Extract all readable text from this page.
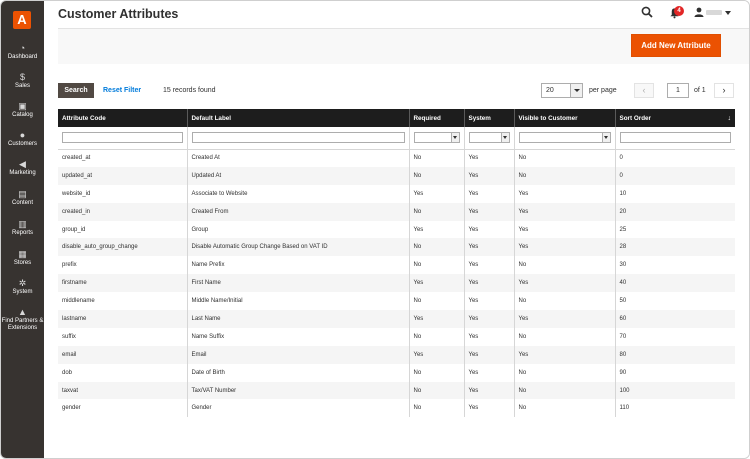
A
◔
Dashboard
$
Sales
▣
Catalog
●
Customers
◀
Marketing
▤
Content
▥
Reports
▦
Stores
✲
System
▲
Find Partners & Extensions
Customer Attributes	4
Add New Attribute
Search	Reset Filter	15 records found	20	per page	‹	1	of 1	›
Attribute Code	Default Label	Required	System	Visible to Customer	Sort Order ↓

created_at	Created At	No	Yes	No	0
updated_at	Updated At	No	Yes	No	0
website_id	Associate to Website	Yes	Yes	Yes	10
created_in	Created From	No	Yes	Yes	20
group_id	Group	Yes	Yes	Yes	25
disable_auto_group_change	Disable Automatic Group Change Based on VAT ID	No	Yes	Yes	28
prefix	Name Prefix	No	Yes	No	30
firstname	First Name	Yes	Yes	Yes	40
middlename	Middle Name/Initial	No	Yes	No	50
lastname	Last Name	Yes	Yes	Yes	60
suffix	Name Suffix	No	Yes	No	70
email	Email	Yes	Yes	Yes	80
dob	Date of Birth	No	Yes	No	90
taxvat	Tax/VAT Number	No	Yes	No	100
gender	Gender	No	Yes	No	110
